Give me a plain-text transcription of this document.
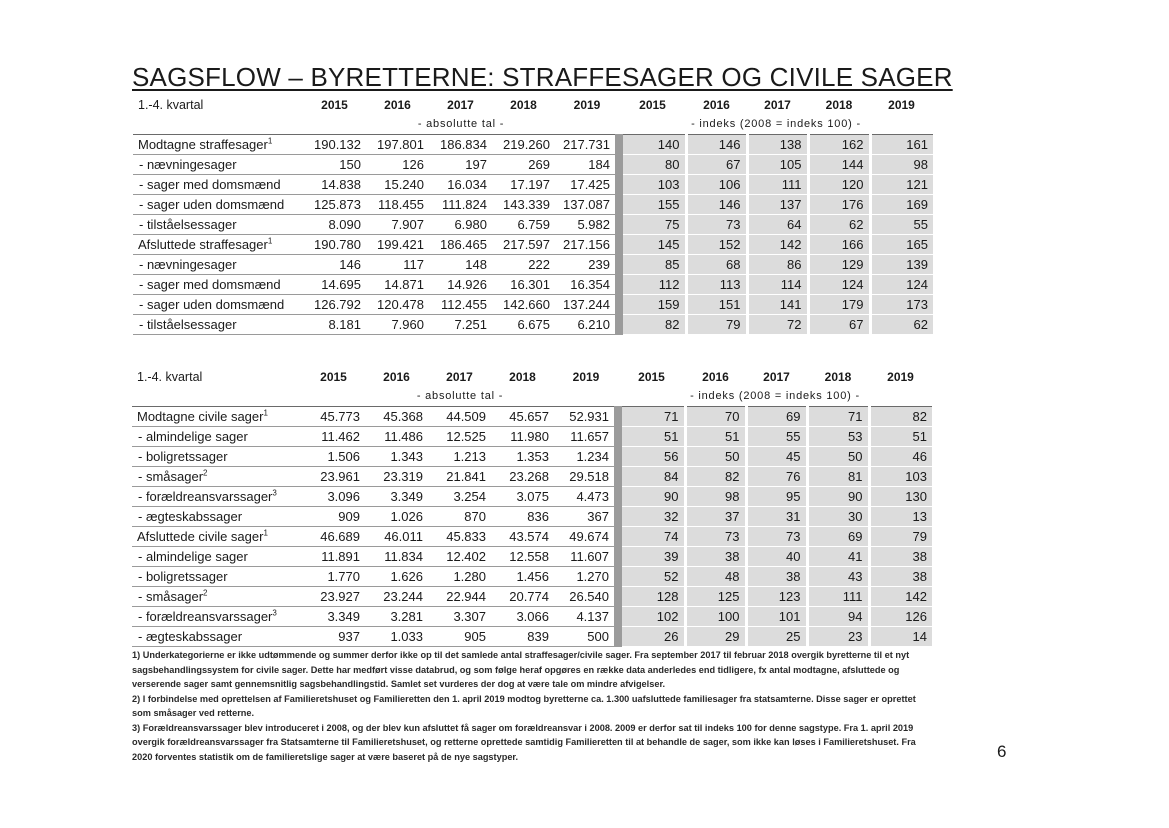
SAGSFLOW – BYRETTERNE: STRAFFESAGER OG CIVILE SAGER
1.-4. kvartal	2015	2016	2017	2018	2019	2015	2016	2017	2018	2019
	- absolutte tal -					- indeks (2008 = indeks 100) -				
Modtagne straffesager$^1$	190.132	197.801	186.834	219.260	217.731	140	146	138	162	161
- nævningesager	150	126	197	269	184	80	67	105	144	98
- sager med domsmænd	14.838	15.240	16.034	17.197	17.425	103	106	111	120	121
- sager uden domsmænd	125.873	118.455	111.824	143.339	137.087	155	146	137	176	169
- tilståelsessager	8.090	7.907	6.980	6.759	5.982	75	73	64	62	55
Afsluttede straffesager$^1$	190.780	199.421	186.465	217.597	217.156	145	152	142	166	165
- nævningesager	146	117	148	222	239	85	68	86	129	139
- sager med domsmænd	14.695	14.871	14.926	16.301	16.354	112	113	114	124	124
- sager uden domsmænd	126.792	120.478	112.455	142.660	137.244	159	151	141	179	173
- tilståelsessager	8.181	7.960	7.251	6.675	6.210	82	79	72	67	62
1.-4. kvartal	2015	2016	2017	2018	2019	2015	2016	2017	2018	2019
	- absolutte tal -					- indeks (2008 = indeks 100) -				
Modtagne civile sager$^1$	45.773	45.368	44.509	45.657	52.931	71	70	69	71	82
- almindelige sager	11.462	11.486	12.525	11.980	11.657	51	51	55	53	51
- boligretssager	1.506	1.343	1.213	1.353	1.234	56	50	45	50	46
- småsager$^2$	23.961	23.319	21.841	23.268	29.518	84	82	76	81	103
- forældreansvarssager$^3$	3.096	3.349	3.254	3.075	4.473	90	98	95	90	130
- ægteskabssager	909	1.026	870	836	367	32	37	31	30	13
Afsluttede civile sager$^1$	46.689	46.011	45.833	43.574	49.674	74	73	73	69	79
- almindelige sager	11.891	11.834	12.402	12.558	11.607	39	38	40	41	38
- boligretssager	1.770	1.626	1.280	1.456	1.270	52	48	38	43	38
- småsager$^2$	23.927	23.244	22.944	20.774	26.540	128	125	123	111	142
- forældreansvarssager$^3$	3.349	3.281	3.307	3.066	4.137	102	100	101	94	126
- ægteskabssager	937	1.033	905	839	500	26	29	25	23	14

1) Underkategorierne er ikke udtømmende og summer derfor ikke op til det samlede antal straffesager/civile sager. Fra september 2017 til februar 2018 overgik byretterne til et nyt sagsbehandlingssystem for civile sager. Dette har medført visse databrud, og som følge heraf opgøres en række data anderledes end tidligere, fx antal modtagne, afsluttede og verserende sager samt gennemsnitlig sagsbehandlingstid. Samlet set vurderes der dog at være tale om mindre afvigelser.

2) I forbindelse med oprettelsen af Familieretshuset og Familieretten den 1. april 2019 modtog byretterne ca. 1.300 uafsluttede familiesager fra statsamterne. Disse sager er oprettet som småsager ved retterne.

3) Forældreansvarssager blev introduceret i 2008, og der blev kun afsluttet få sager om forældreansvar i 2008. 2009 er derfor sat til indeks 100 for denne sagstype. Fra 1. april 2019 overgik forældreansvarssager fra Statsamterne til Familieretshuset, og retterne oprettede samtidig Familieretten til at behandle de sager, som ikke kan løses i Familieretshuset. Fra 2020 forventes statistik om de familieretslige sager at være baseret på de nye sagstyper.	6
